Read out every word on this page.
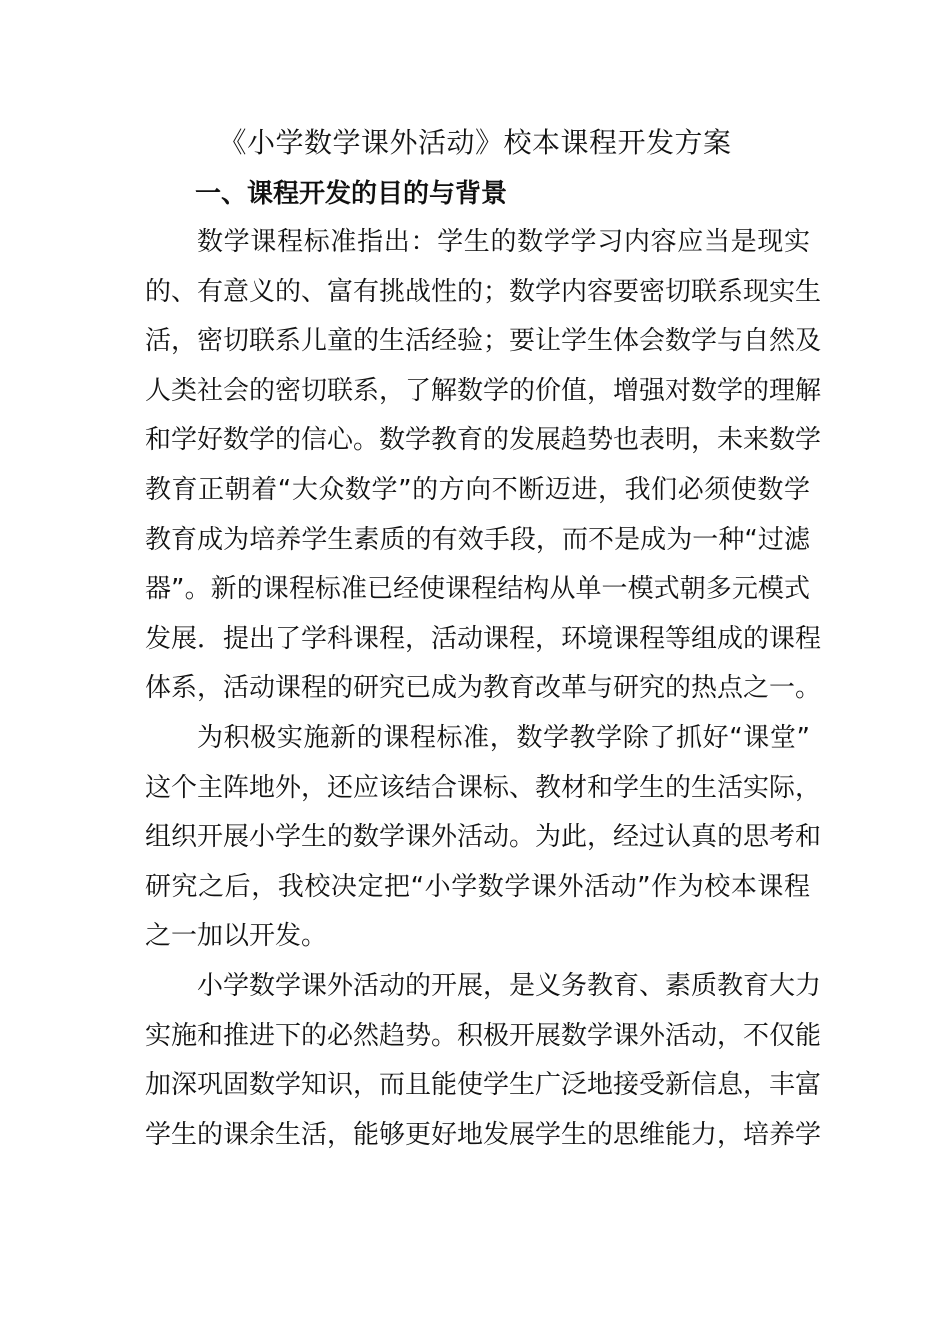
《小学数学课外活动》校本课程开发方案
一、课程开发的目的与背景
数学课程标准指出：学生的数学学习内容应当是现实
的、有意义的、富有挑战性的；数学内容要密切联系现实生
活，密切联系儿童的生活经验；要让学生体会数学与自然及
人类社会的密切联系，了解数学的价值，增强对数学的理解
和学好数学的信心。数学教育的发展趋势也表明，未来数学
教育正朝着“大众数学”的方向不断迈进，我们必须使数学
教育成为培养学生素质的有效手段，而不是成为一种“过滤
器”。新的课程标准已经使课程结构从单一模式朝多元模式
发展．提出了学科课程，活动课程，环境课程等组成的课程
体系，活动课程的研究已成为教育改革与研究的热点之一。
为积极实施新的课程标准，数学教学除了抓好“课堂”
这个主阵地外，还应该结合课标、教材和学生的生活实际，
组织开展小学生的数学课外活动。为此，经过认真的思考和
研究之后，我校决定把“小学数学课外活动”作为校本课程
之一加以开发。
小学数学课外活动的开展，是义务教育、素质教育大力
实施和推进下的必然趋势。积极开展数学课外活动，不仅能
加深巩固数学知识，而且能使学生广泛地接受新信息，丰富
学生的课余生活，能够更好地发展学生的思维能力，培养学
